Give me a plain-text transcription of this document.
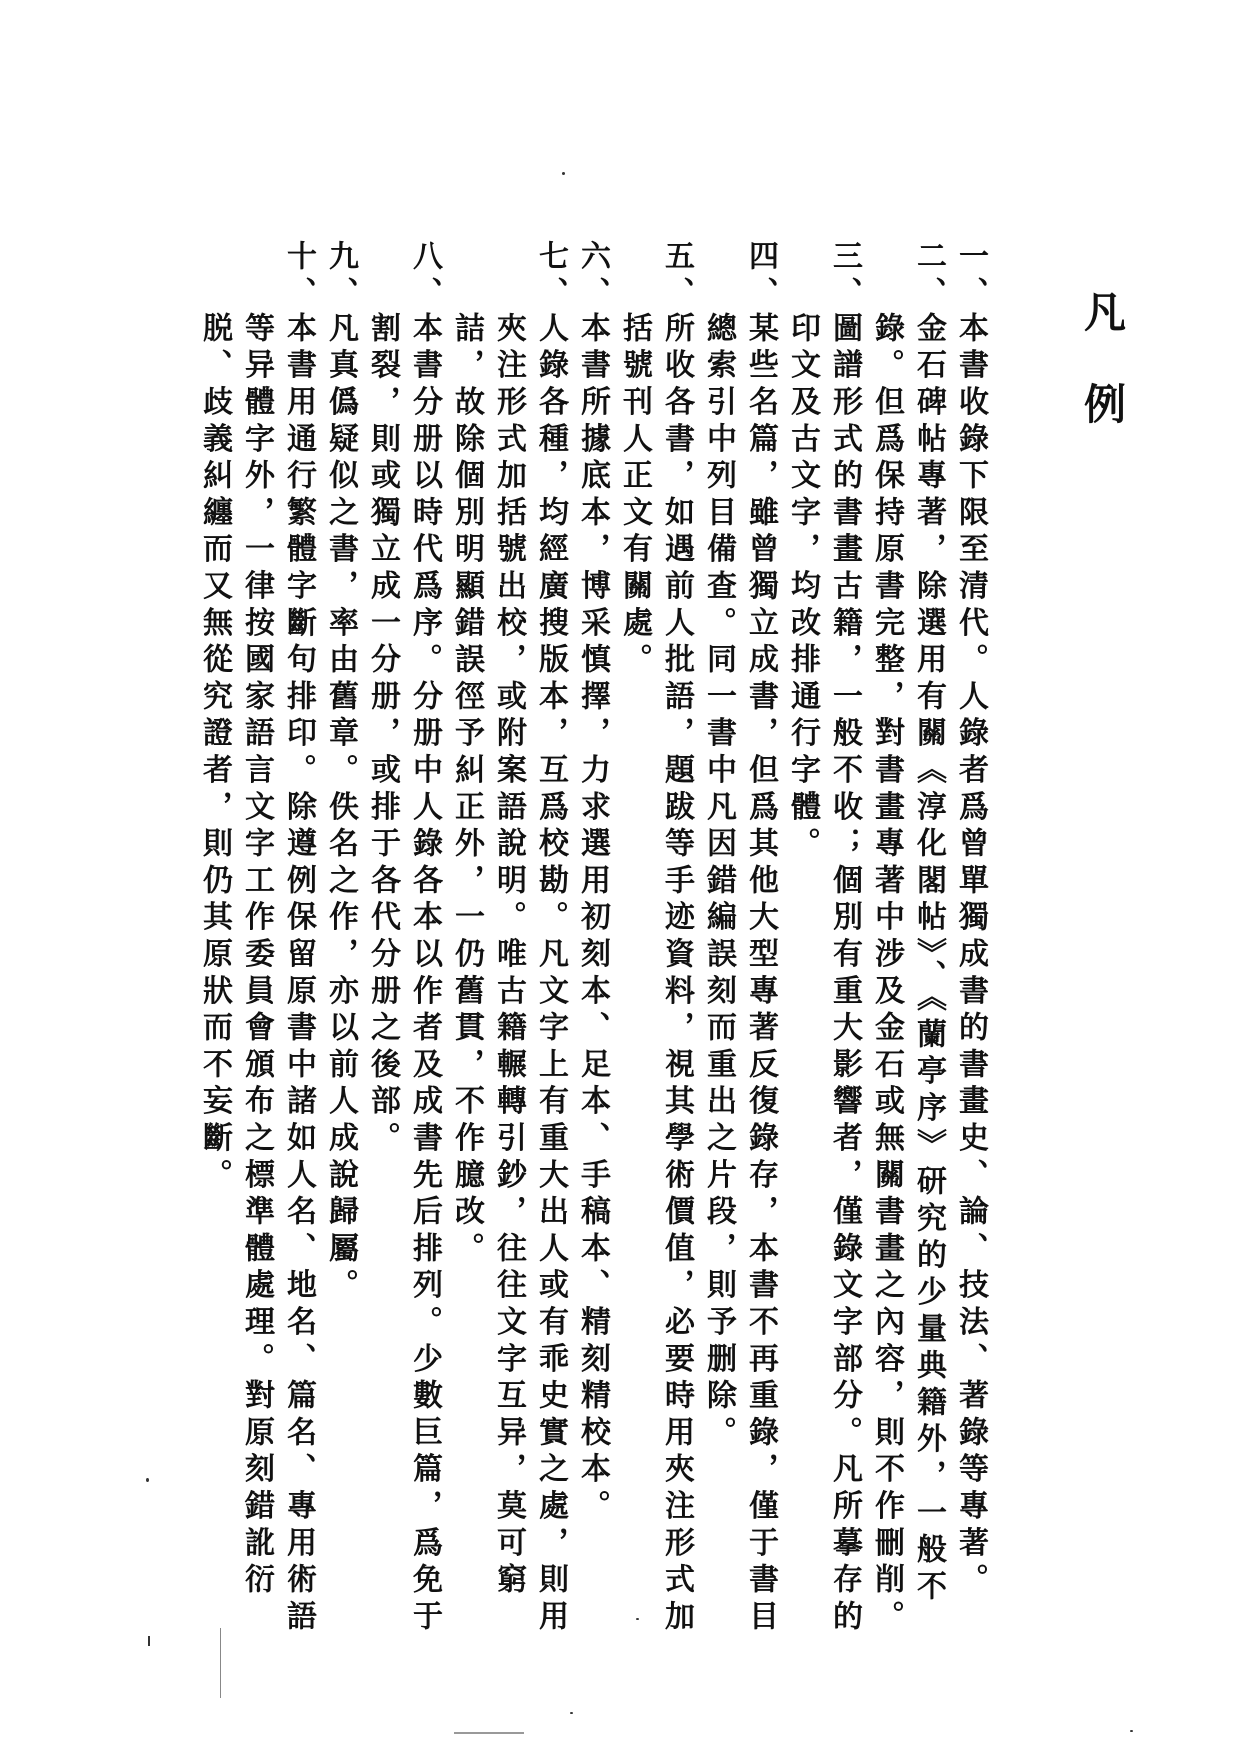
凡例
一、本書收錄下限至清代。人錄者爲曾單獨成書的書畫史、論、技法、著錄等專著。
二、金石碑帖專著，除選用有關《淳化閣帖》、《蘭亭序》研究的少量典籍外，一般不
錄。但爲保持原書完整，對書畫專著中涉及金石或無關書畫之內容，則不作刪削。
三、圖譜形式的書畫古籍，一般不收；個別有重大影響者，僅錄文字部分。凡所摹存的
印文及古文字，均改排通行字體。
四、某些名篇，雖曾獨立成書，但爲其他大型專著反復錄存，本書不再重錄，僅于書目
總索引中列目備查。同一書中凡因錯編誤刻而重出之片段，則予删除。
五、所收各書，如遇前人批語，題跋等手迹資料，視其學術價值，必要時用夾注形式加
括號刊人正文有關處。
六、本書所據底本，博采慎擇，力求選用初刻本、足本、手稿本、精刻精校本。
七、人錄各種，均經廣搜版本，互爲校勘。凡文字上有重大出人或有乖史實之處，則用
夾注形式加括號出校，或附案語說明。唯古籍輾轉引鈔，往往文字互异，莫可窮
詰，故除個別明顯錯誤徑予糾正外，一仍舊貫，不作臆改。
八、本書分册以時代爲序。分册中人錄各本以作者及成書先后排列。少數巨篇，爲免于
割裂，則或獨立成一分册，或排于各代分册之後部。
九、凡真僞疑似之書，率由舊章。佚名之作，亦以前人成說歸屬。
十、本書用通行繁體字斷句排印。除遵例保留原書中諸如人名、地名、篇名、專用術語
等异體字外，一律按國家語言文字工作委員會頒布之標準體處理。對原刻錯訛衍
脱、歧義糾纏而又無從究證者，則仍其原狀而不妄斷。
